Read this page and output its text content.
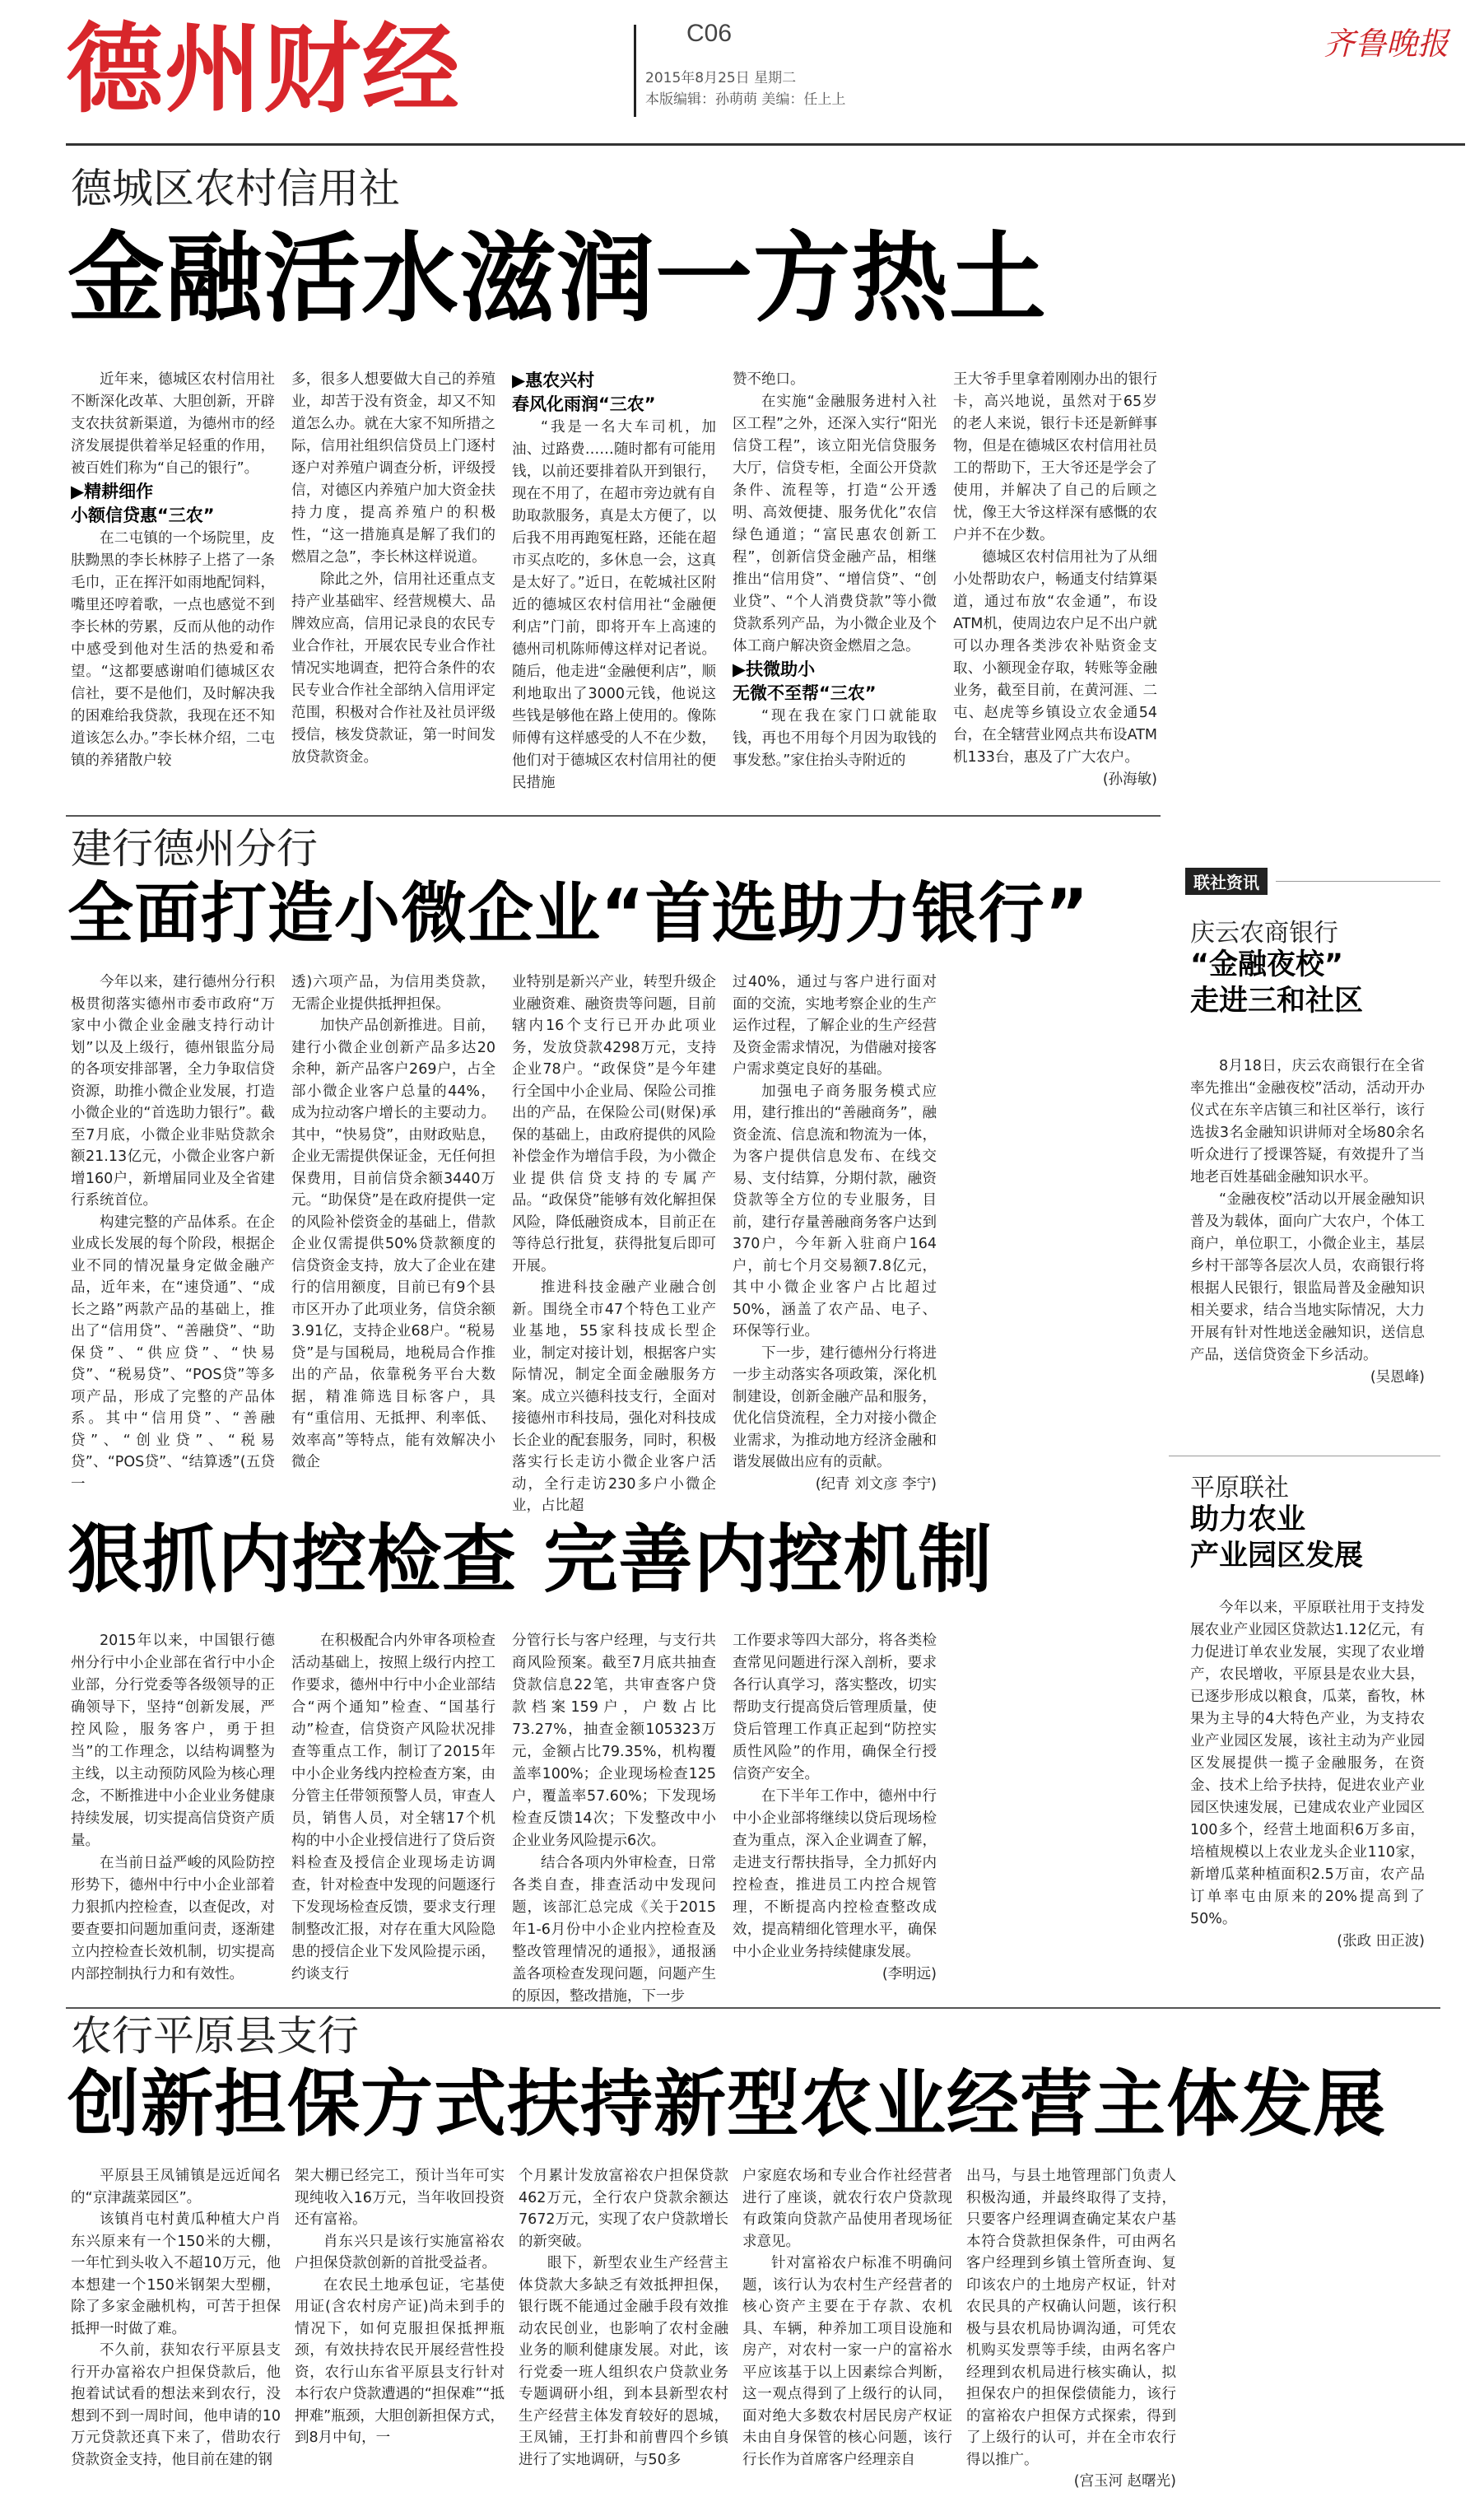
德州财经	C06
2015年8月25日 星期二
本版编辑：孙萌萌 美编：任上上
齐鲁晚报
德城区农村信用社
金融活水滋润一方热土

近年来，德城区农村信用社不断深化改革、大胆创新，开辟支农扶贫新渠道，为德州市的经济发展提供着举足轻重的作用，被百姓们称为“自己的银行”。

▶精耕细作

小额信贷惠“三农”

在二屯镇的一个场院里，皮肤黝黑的李长林脖子上搭了一条毛巾，正在挥汗如雨地配饲料，嘴里还哼着歌，一点也感觉不到李长林的劳累，反而从他的动作中感受到他对生活的热爱和希望。“这都要感谢咱们德城区农信社，要不是他们，及时解决我的困难给我贷款，我现在还不知道该怎么办。”李长林介绍，二屯镇的养猪散户较

多，很多人想要做大自己的养殖业，却苦于没有资金，却又不知道怎么办。就在大家不知所措之际，信用社组织信贷员上门逐村逐户对养殖户调查分析，评级授信，对德区内养殖户加大资金扶持力度，提高养殖户的积极性，“这一措施真是解了我们的燃眉之急”，李长林这样说道。

除此之外，信用社还重点支持产业基础牢、经营规模大、品牌效应高，信用记录良的农民专业合作社，开展农民专业合作社情况实地调查，把符合条件的农民专业合作社全部纳入信用评定范围，积极对合作社及社员评级授信，核发贷款证，第一时间发放贷款资金。

▶惠农兴村

春风化雨润“三农”

“我是一名大车司机，加油、过路费……随时都有可能用钱，以前还要排着队开到银行，现在不用了，在超市旁边就有自助取款服务，真是太方便了，以后我不用再跑冤枉路，还能在超市买点吃的，多休息一会，这真是太好了。”近日，在乾城社区附近的德城区农村信用社“金融便利店”门前，即将开车上高速的德州司机陈师傅这样对记者说。随后，他走进“金融便利店”，顺利地取出了3000元钱，他说这些钱是够他在路上使用的。像陈师傅有这样感受的人不在少数，他们对于德城区农村信用社的便民措施

赞不绝口。

在实施“金融服务进村入社区工程”之外，还深入实行“阳光信贷工程”，该立阳光信贷服务大厅，信贷专柜，全面公开贷款条件、流程等，打造“公开透明、高效便捷、服务优化”农信绿色通道；“富民惠农创新工程”，创新信贷金融产品，相继推出“信用贷”、“增信贷”、“创业贷”、“个人消费贷款”等小微贷款系列产品，为小微企业及个体工商户解决资金燃眉之急。

▶扶微助小

无微不至帮“三农”

“现在我在家门口就能取钱，再也不用每个月因为取钱的事发愁。”家住抬头寺附近的

王大爷手里拿着刚刚办出的银行卡，高兴地说，虽然对于65岁的老人来说，银行卡还是新鲜事物，但是在德城区农村信用社员工的帮助下，王大爷还是学会了使用，并解决了自己的后顾之忧，像王大爷这样深有感慨的农户并不在少数。

德城区农村信用社为了从细小处帮助农户，畅通支付结算渠道，通过布放“农金通”，布设ATM机，使周边农户足不出户就可以办理各类涉农补贴资金支取、小额现金存取，转账等金融业务，截至目前，在黄河涯、二屯、赵虎等乡镇设立农金通54台，在全辖营业网点共布设ATM机133台，惠及了广大农户。

(孙海敏)

建行德州分行
全面打造小微企业“首选助力银行”

今年以来，建行德州分行积极贯彻落实德州市委市政府“万家中小微企业金融支持行动计划”以及上级行，德州银监分局的各项安排部署，全力争取信贷资源，助推小微企业发展，打造小微企业的“首选助力银行”。截至7月底，小微企业非贴贷款余额21.13亿元，小微企业客户新增160户，新增届同业及全省建行系统首位。

构建完整的产品体系。在企业成长发展的每个阶段，根据企业不同的情况量身定做金融产品，近年来，在“速贷通”、“成长之路”两款产品的基础上，推出了“信用贷”、“善融贷”、“助保贷”、“供应贷”、“快易贷”、“税易贷”、“POS贷”等多项产品，形成了完整的产品体系。其中“信用贷”、“善融贷”、“创业贷”、“税易贷”、“POS贷”、“结算透”(五贷一

透)六项产品，为信用类贷款，无需企业提供抵押担保。

加快产品创新推进。目前，建行小微企业创新产品多达20余种，新产品客户269户，占全部小微企业客户总量的44%，成为拉动客户增长的主要动力。其中，“快易贷”，由财政贴息，企业无需提供保证金，无任何担保费用，目前信贷余额3440万元。“助保贷”是在政府提供一定的风险补偿资金的基础上，借款企业仅需提供50%贷款额度的信贷资金支持，放大了企业在建行的信用额度，目前已有9个县市区开办了此项业务，信贷余额3.91亿，支持企业68户。“税易贷”是与国税局，地税局合作推出的产品，依靠税务平台大数据，精准筛选目标客户，具有“重信用、无抵押、利率低、效率高”等特点，能有效解决小微企

业特别是新兴产业，转型升级企业融资难、融资贵等问题，目前辖内16个支行已开办此项业务，发放贷款4298万元，支持企业78户。“政保贷”是今年建行全国中小企业局、保险公司推出的产品，在保险公司(财保)承保的基础上，由政府提供的风险补偿金作为增信手段，为小微企业提供信贷支持的专属产品。“政保贷”能够有效化解担保风险，降低融资成本，目前正在等待总行批复，获得批复后即可开展。

推进科技金融产业融合创新。围绕全市47个特色工业产业基地，55家科技成长型企业，制定对接计划，根据客户实际情况，制定全面金融服务方案。成立兴德科技支行，全面对接德州市科技局，强化对科技成长企业的配套服务，同时，积极落实行长走访小微企业客户活动，全行走访230多户小微企业，占比超

过40%，通过与客户进行面对面的交流，实地考察企业的生产运作过程，了解企业的生产经营及资金需求情况，为借融对接客户需求奠定良好的基础。

加强电子商务服务模式应用，建行推出的“善融商务”，融资金流、信息流和物流为一体，为客户提供信息发布、在线交易、支付结算，分期付款，融资贷款等全方位的专业服务，目前，建行存量善融商务客户达到370户，今年新入驻商户164户，前七个月交易额7.8亿元，其中小微企业客户占比超过50%，涵盖了农产品、电子、环保等行业。

下一步，建行德州分行将进一步主动落实各项政策，深化机制建设，创新金融产品和服务，优化信贷流程，全力对接小微企业需求，为推动地方经济金融和谐发展做出应有的贡献。

(纪青 刘文彦 李宁)

狠抓内控检查 完善内控机制

2015年以来，中国银行德州分行中小企业部在省行中小企业部，分行党委等各级领导的正确领导下，坚持“创新发展，严控风险，服务客户，勇于担当”的工作理念，以结构调整为主线，以主动预防风险为核心理念，不断推进中小企业业务健康持续发展，切实提高信贷资产质量。

在当前日益严峻的风险防控形势下，德州中行中小企业部着力狠抓内控检查，以查促改，对要查要扣问题加重问责，逐渐建立内控检查长效机制，切实提高内部控制执行力和有效性。

在积极配合内外审各项检查活动基础上，按照上级行内控工作要求，德州中行中小企业部结合“两个通知”检查、“国基行动”检查，信贷资产风险状况排查等重点工作，制订了2015年中小企业务线内控检查方案，由分管主任带领预警人员，审查人员，销售人员，对全辖17个机构的中小企业授信进行了贷后资料检查及授信企业现场走访调查，针对检查中发现的问题逐行下发现场检查反馈，要求支行理制整改汇报，对存在重大风险隐患的授信企业下发风险提示函，约谈支行

分管行长与客户经理，与支行共商风险预案。截至7月底共抽查贷款信息22笔，共审查客户贷款档案159户，户数占比73.27%，抽查金额105323万元，金额占比79.35%，机构覆盖率100%；企业现场检查125户，覆盖率57.60%；下发现场检查反馈14次；下发整改中小企业业务风险提示6次。

结合各项内外审检查，日常各类自查，排查活动中发现问题，该部汇总完成《关于2015年1-6月份中小企业内控检查及整改管理情况的通报》，通报涵盖各项检查发现问题，问题产生的原因，整改措施，下一步

工作要求等四大部分，将各类检查常见问题进行深入剖析，要求各行认真学习，落实整改，切实帮助支行提高贷后管理质量，使贷后管理工作真正起到“防控实质性风险”的作用，确保全行授信资产安全。

在下半年工作中，德州中行中小企业部将继续以贷后现场检查为重点，深入企业调查了解，走进支行帮扶指导，全力抓好内控检查，推进员工内控合规管理，不断提高内控检查整改成效，提高精细化管理水平，确保中小企业业务持续健康发展。

(李明远)

农行平原县支行
创新担保方式扶持新型农业经营主体发展

平原县王凤铺镇是远近闻名的“京津蔬菜园区”。

该镇肖屯村黄瓜种植大户肖东兴原来有一个150米的大棚，一年忙到头收入不超10万元，他本想建一个150米钢架大型棚，除了多家金融机构，可苦于担保抵押一时做了难。

不久前，获知农行平原县支行开办富裕农户担保贷款后，他抱着试试看的想法来到农行，没想到不到一周时间，他申请的10万元贷款还真下来了，借助农行贷款资金支持，他目前在建的钢

架大棚已经完工，预计当年可实现纯收入16万元，当年收回投资还有富裕。

肖东兴只是该行实施富裕农户担保贷款创新的首批受益者。

在农民土地承包证，宅基使用证(含农村房产证)尚未到手的情况下，如何克服担保抵押瓶颈，有效扶持农民开展经营性投资，农行山东省平原县支行针对本行农户贷款遭遇的“担保难”“抵押难”瓶颈，大胆创新担保方式，到8月中旬，一

个月累计发放富裕农户担保贷款462万元，全行农户贷款余额达7672万元，实现了农户贷款增长的新突破。

眼下，新型农业生产经营主体贷款大多缺乏有效抵押担保，银行既不能通过金融手段有效推动农民创业，也影响了农村金融业务的顺利健康发展。对此，该行党委一班人组织农户贷款业务专题调研小组，到本县新型农村生产经营主体发育较好的恩城，王凤铺，王打卦和前曹四个乡镇进行了实地调研，与50多

户家庭农场和专业合作社经营者进行了座谈，就农行农户贷款现有政策向贷款产品使用者现场征求意见。

针对富裕农户标准不明确问题，该行认为农村生产经营者的核心资产主要在于存款、农机具、车辆，种养加工项目设施和房产，对农村一家一户的富裕水平应该基于以上因素综合判断，这一观点得到了上级行的认同，面对绝大多数农村居民房产权证未由自身保管的核心问题，该行行长作为首席客户经理亲自

出马，与县土地管理部门负责人积极沟通，并最终取得了支持，只要客户经理调查确定某农户基本符合贷款担保条件，可由两名客户经理到乡镇土管所查询、复印该农户的土地房产权证，针对农民具的产权确认问题，该行积极与县农机局协调沟通，可凭农机购买发票等手续，由两名客户经理到农机局进行核实确认，拟担保农户的担保偿债能力，该行的富裕农户担保方式探索，得到了上级行的认可，并在全市农行得以推广。

(宫玉河 赵曙光)

联社资讯
庆云农商银行
“金融夜校”
走进三和社区

8月18日，庆云农商银行在全省率先推出“金融夜校”活动，活动开办仪式在东辛店镇三和社区举行，该行选拔3名金融知识讲师对全场80余名听众进行了授课答疑，有效提升了当地老百姓基础金融知识水平。

“金融夜校”活动以开展金融知识普及为载体，面向广大农户，个体工商户，单位职工，小微企业主，基层乡村干部等各层次人员，农商银行将根据人民银行，银监局普及金融知识相关要求，结合当地实际情况，大力开展有针对性地送金融知识，送信息产品，送信贷资金下乡活动。

(吴恩峰)

平原联社
助力农业
产业园区发展

今年以来，平原联社用于支持发展农业产业园区贷款达1.12亿元，有力促进订单农业发展，实现了农业增产，农民增收，平原县是农业大县，已逐步形成以粮食，瓜菜，畜牧，林果为主导的4大特色产业，为支持农业产业园区发展，该社主动为产业园区发展提供一揽子金融服务，在资金、技术上给予扶持，促进农业产业园区快速发展，已建成农业产业园区100多个，经营土地面积6万多亩，培植规模以上农业龙头企业110家，新增瓜菜种植面积2.5万亩，农产品订单率屯由原来的20%提高到了50%。

(张政 田正波)
